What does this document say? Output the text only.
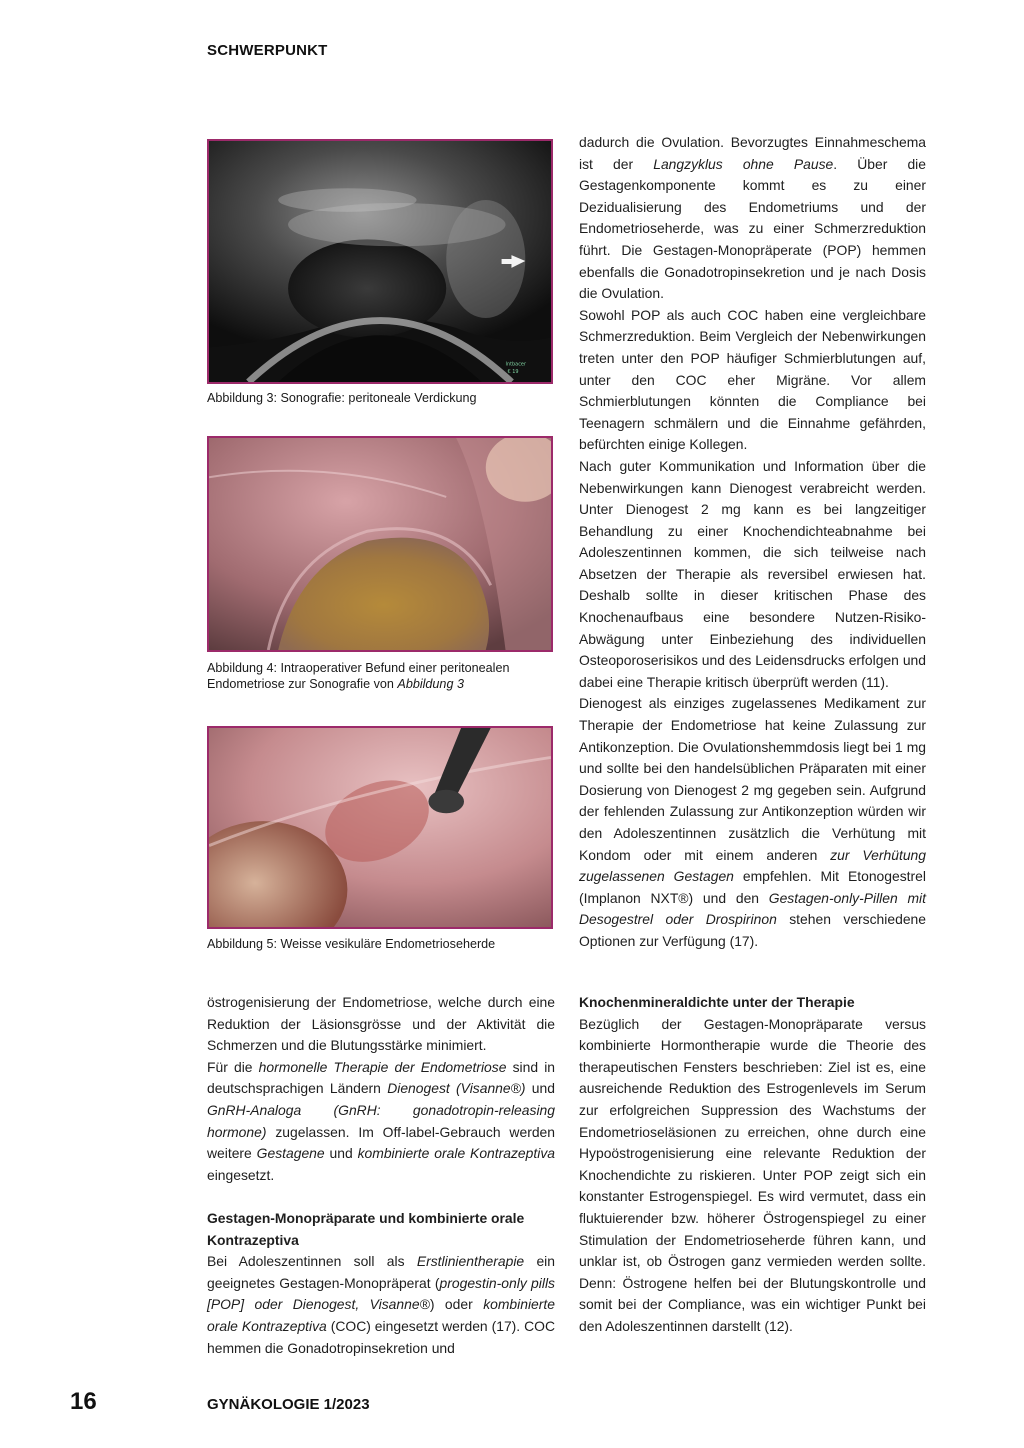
SCHWERPUNKT
Intbacer
€ 19
Abbildung 3: Sonografie: peritoneale Verdickung
Abbildung 4: Intraoperativer Befund einer peritonealen
Endometriose zur Sonografie von Abbildung 3
Abbildung 5: Weisse vesikuläre Endometrioseherde

dadurch die Ovulation. Bevorzugtes Einnahmeschema ist der Langzyklus ohne Pause. Über die Gestagenkomponente kommt es zu einer Dezidualisierung des Endometriums und der Endometrioseherde, was zu einer Schmerzreduktion führt. Die Gestagen-Monopräperate (POP) hemmen ebenfalls die Gonadotropinsekretion und je nach Dosis die Ovulation.

Sowohl POP als auch COC haben eine vergleichbare Schmerzreduktion. Beim Vergleich der Nebenwirkungen treten unter den POP häufiger Schmierblutungen auf, unter den COC eher Migräne. Vor allem Schmierblutungen könnten die Compliance bei Teenagern schmälern und die Einnahme gefährden, befürchten einige Kollegen.

Nach guter Kommunikation und Information über die Nebenwirkungen kann Dienogest verabreicht werden. Unter Dienogest 2 mg kann es bei langzeitiger Behandlung zu einer Knochendichteabnahme bei Adoleszentinnen kommen, die sich teilweise nach Absetzen der Therapie als reversibel erwiesen hat. Deshalb sollte in dieser kritischen Phase des Knochenaufbaus eine besondere Nutzen-Risiko-Abwägung unter Einbeziehung des individuellen Osteoporoserisikos und des Leidensdrucks erfolgen und dabei eine Therapie kritisch überprüft werden (11).

Dienogest als einziges zugelassenes Medikament zur Therapie der Endometriose hat keine Zulassung zur Antikonzeption. Die Ovulationshemmdosis liegt bei 1 mg und sollte bei den handelsüblichen Präparaten mit einer Dosierung von Dienogest 2 mg gegeben sein. Aufgrund der fehlenden Zulassung zur Antikonzeption würden wir den Adoleszentinnen zusätzlich die Verhütung mit Kondom oder mit einem anderen zur Verhütung zugelassenen Gestagen empfehlen. Mit Etonogestrel (Implanon NXT®) und den Gestagen-only-Pillen mit Desogestrel oder Drospirinon stehen verschiedene Optionen zur Verfügung (17).

östrogenisierung der Endometriose, welche durch eine Reduktion der Läsionsgrösse und der Aktivität die Schmerzen und die Blutungsstärke minimiert.

Für die hormonelle Therapie der Endometriose sind in deutschsprachigen Ländern Dienogest (Visanne®) und GnRH-Analoga (GnRH: gonadotropin-releasing hormone) zugelassen. Im Off-label-Gebrauch werden weitere Gestagene und kombinierte orale Kontrazeptiva eingesetzt.

Gestagen-Monopräparate und kombinierte orale Kontrazeptiva

Bei Adoleszentinnen soll als Erstlinientherapie ein geeignetes Gestagen-Monopräperat (progestin-only pills [POP] oder Dienogest, Visanne®) oder kombinierte orale Kontrazeptiva (COC) eingesetzt werden (17). COC hemmen die Gonadotropinsekretion und

Knochenmineraldichte unter der Therapie

Bezüglich der Gestagen-Monopräparate versus kombinierte Hormontherapie wurde die Theorie des therapeutischen Fensters beschrieben: Ziel ist es, eine ausreichende Reduktion des Estrogenlevels im Serum zur erfolgreichen Suppression des Wachstums der Endometrioseläsionen zu erreichen, ohne durch eine Hypoöstrogenisierung eine relevante Reduktion der Knochendichte zu riskieren. Unter POP zeigt sich ein konstanter Estrogenspiegel. Es wird vermutet, dass ein fluktuierender bzw. höherer Östrogenspiegel zu einer Stimulation der Endometrioseherde führen kann, und unklar ist, ob Östrogen ganz vermieden werden sollte. Denn: Östrogene helfen bei der Blutungskontrolle und somit bei der Compliance, was ein wichtiger Punkt bei den Adoleszentinnen darstellt (12).

16	GYNÄKOLOGIE 1/2023
